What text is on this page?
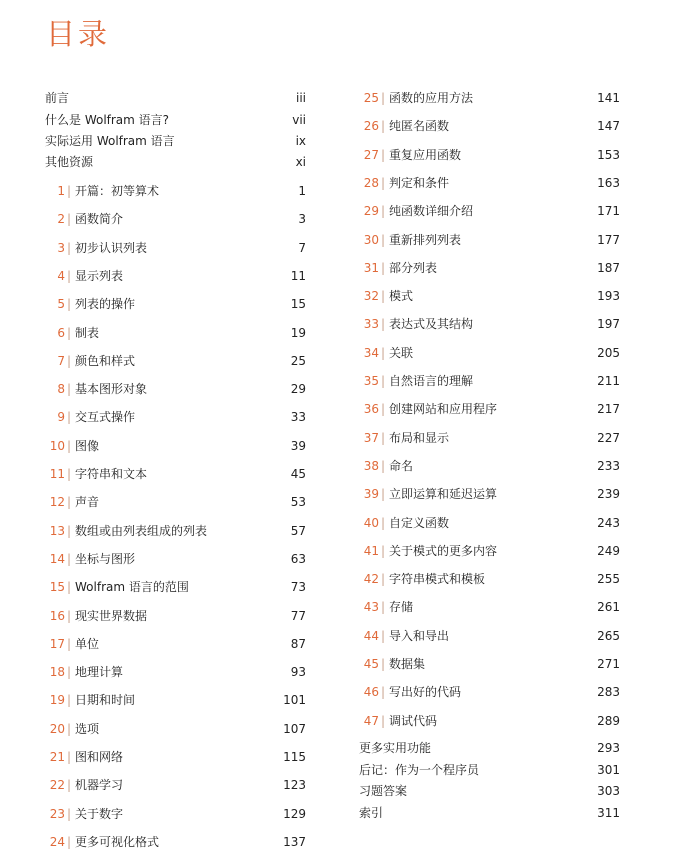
目录
前言	iii
什么是 Wolfram 语言?	vii
实际运用 Wolfram 语言	ix
其他资源	xi
1 | 开篇：初等算术	1
2 | 函数简介	3
3 | 初步认识列表	7
4 | 显示列表	11
5 | 列表的操作	15
6 | 制表	19
7 | 颜色和样式	25
8 | 基本图形对象	29
9 | 交互式操作	33
10 | 图像	39
11 | 字符串和文本	45
12 | 声音	53
13 | 数组或由列表组成的列表	57
14 | 坐标与图形	63
15 | Wolfram 语言的范围	73
16 | 现实世界数据	77
17 | 单位	87
18 | 地理计算	93
19 | 日期和时间	101
20 | 选项	107
21 | 图和网络	115
22 | 机器学习	123
23 | 关于数字	129
24 | 更多可视化格式	137
25 | 函数的应用方法	141
26 | 纯匿名函数	147
27 | 重复应用函数	153
28 | 判定和条件	163
29 | 纯函数详细介绍	171
30 | 重新排列列表	177
31 | 部分列表	187
32 | 模式	193
33 | 表达式及其结构	197
34 | 关联	205
35 | 自然语言的理解	211
36 | 创建网站和应用程序	217
37 | 布局和显示	227
38 | 命名	233
39 | 立即运算和延迟运算	239
40 | 自定义函数	243
41 | 关于模式的更多内容	249
42 | 字符串模式和模板	255
43 | 存储	261
44 | 导入和导出	265
45 | 数据集	271
46 | 写出好的代码	283
47 | 调试代码	289
更多实用功能	293
后记：作为一个程序员	301
习题答案	303
索引	311
